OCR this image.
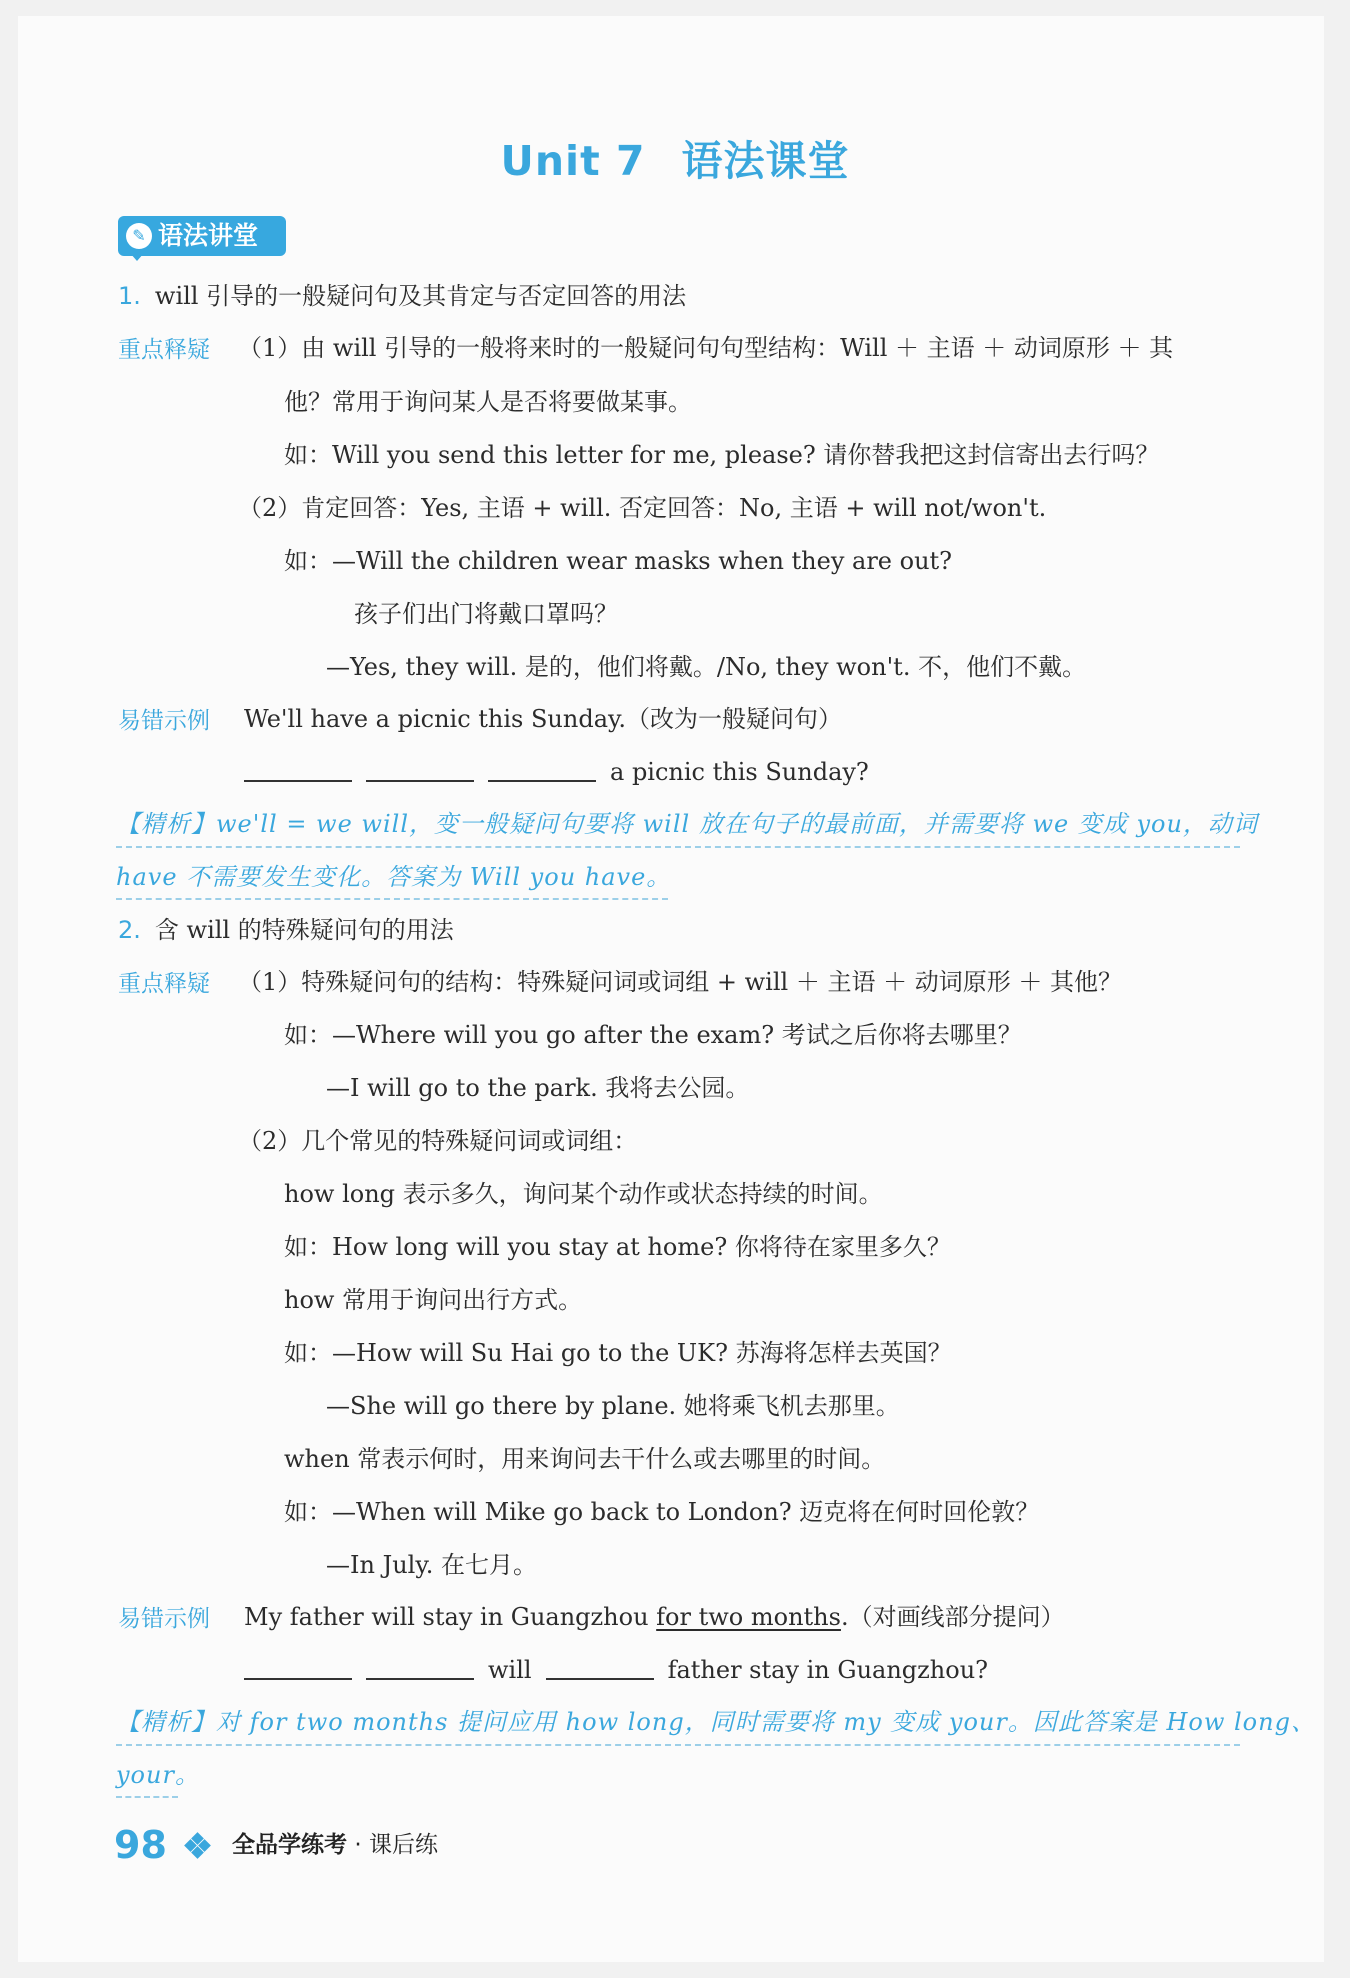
Unit 7 语法课堂
✎ 语法讲堂
1. will 引导的一般疑问句及其肯定与否定回答的用法
重点释疑 （1）由 will 引导的一般将来时的一般疑问句句型结构：Will ＋ 主语 ＋ 动词原形 ＋ 其
他？常用于询问某人是否将要做某事。
如：Will you send this letter for me, please? 请你替我把这封信寄出去行吗？
（2）肯定回答：Yes, 主语 + will. 否定回答：No, 主语 + will not/won't.
如：—Will the children wear masks when they are out?
孩子们出门将戴口罩吗？
—Yes, they will. 是的，他们将戴。/No, they won't. 不，他们不戴。
易错示例 We'll have a picnic this Sunday.（改为一般疑问句）
a picnic this Sunday?
【精析】we'll = we will，变一般疑问句要将 will 放在句子的最前面，并需要将 we 变成 you，动词
have 不需要发生变化。答案为 Will you have。
2. 含 will 的特殊疑问句的用法
重点释疑 （1）特殊疑问句的结构：特殊疑问词或词组 + will ＋ 主语 ＋ 动词原形 ＋ 其他？
如：—Where will you go after the exam? 考试之后你将去哪里？
—I will go to the park. 我将去公园。
（2）几个常见的特殊疑问词或词组：
how long 表示多久，询问某个动作或状态持续的时间。
如：How long will you stay at home? 你将待在家里多久？
how 常用于询问出行方式。
如：—How will Su Hai go to the UK? 苏海将怎样去英国？
—She will go there by plane. 她将乘飞机去那里。
when 常表示何时，用来询问去干什么或去哪里的时间。
如：—When will Mike go back to London? 迈克将在何时回伦敦？
—In July. 在七月。
易错示例 My father will stay in Guangzhou for two months.（对画线部分提问）
will	father stay in Guangzhou?
【精析】对 for two months 提问应用 how long，同时需要将 my 变成 your。因此答案是 How long、
your。
98	全品学练考 · 课后练
